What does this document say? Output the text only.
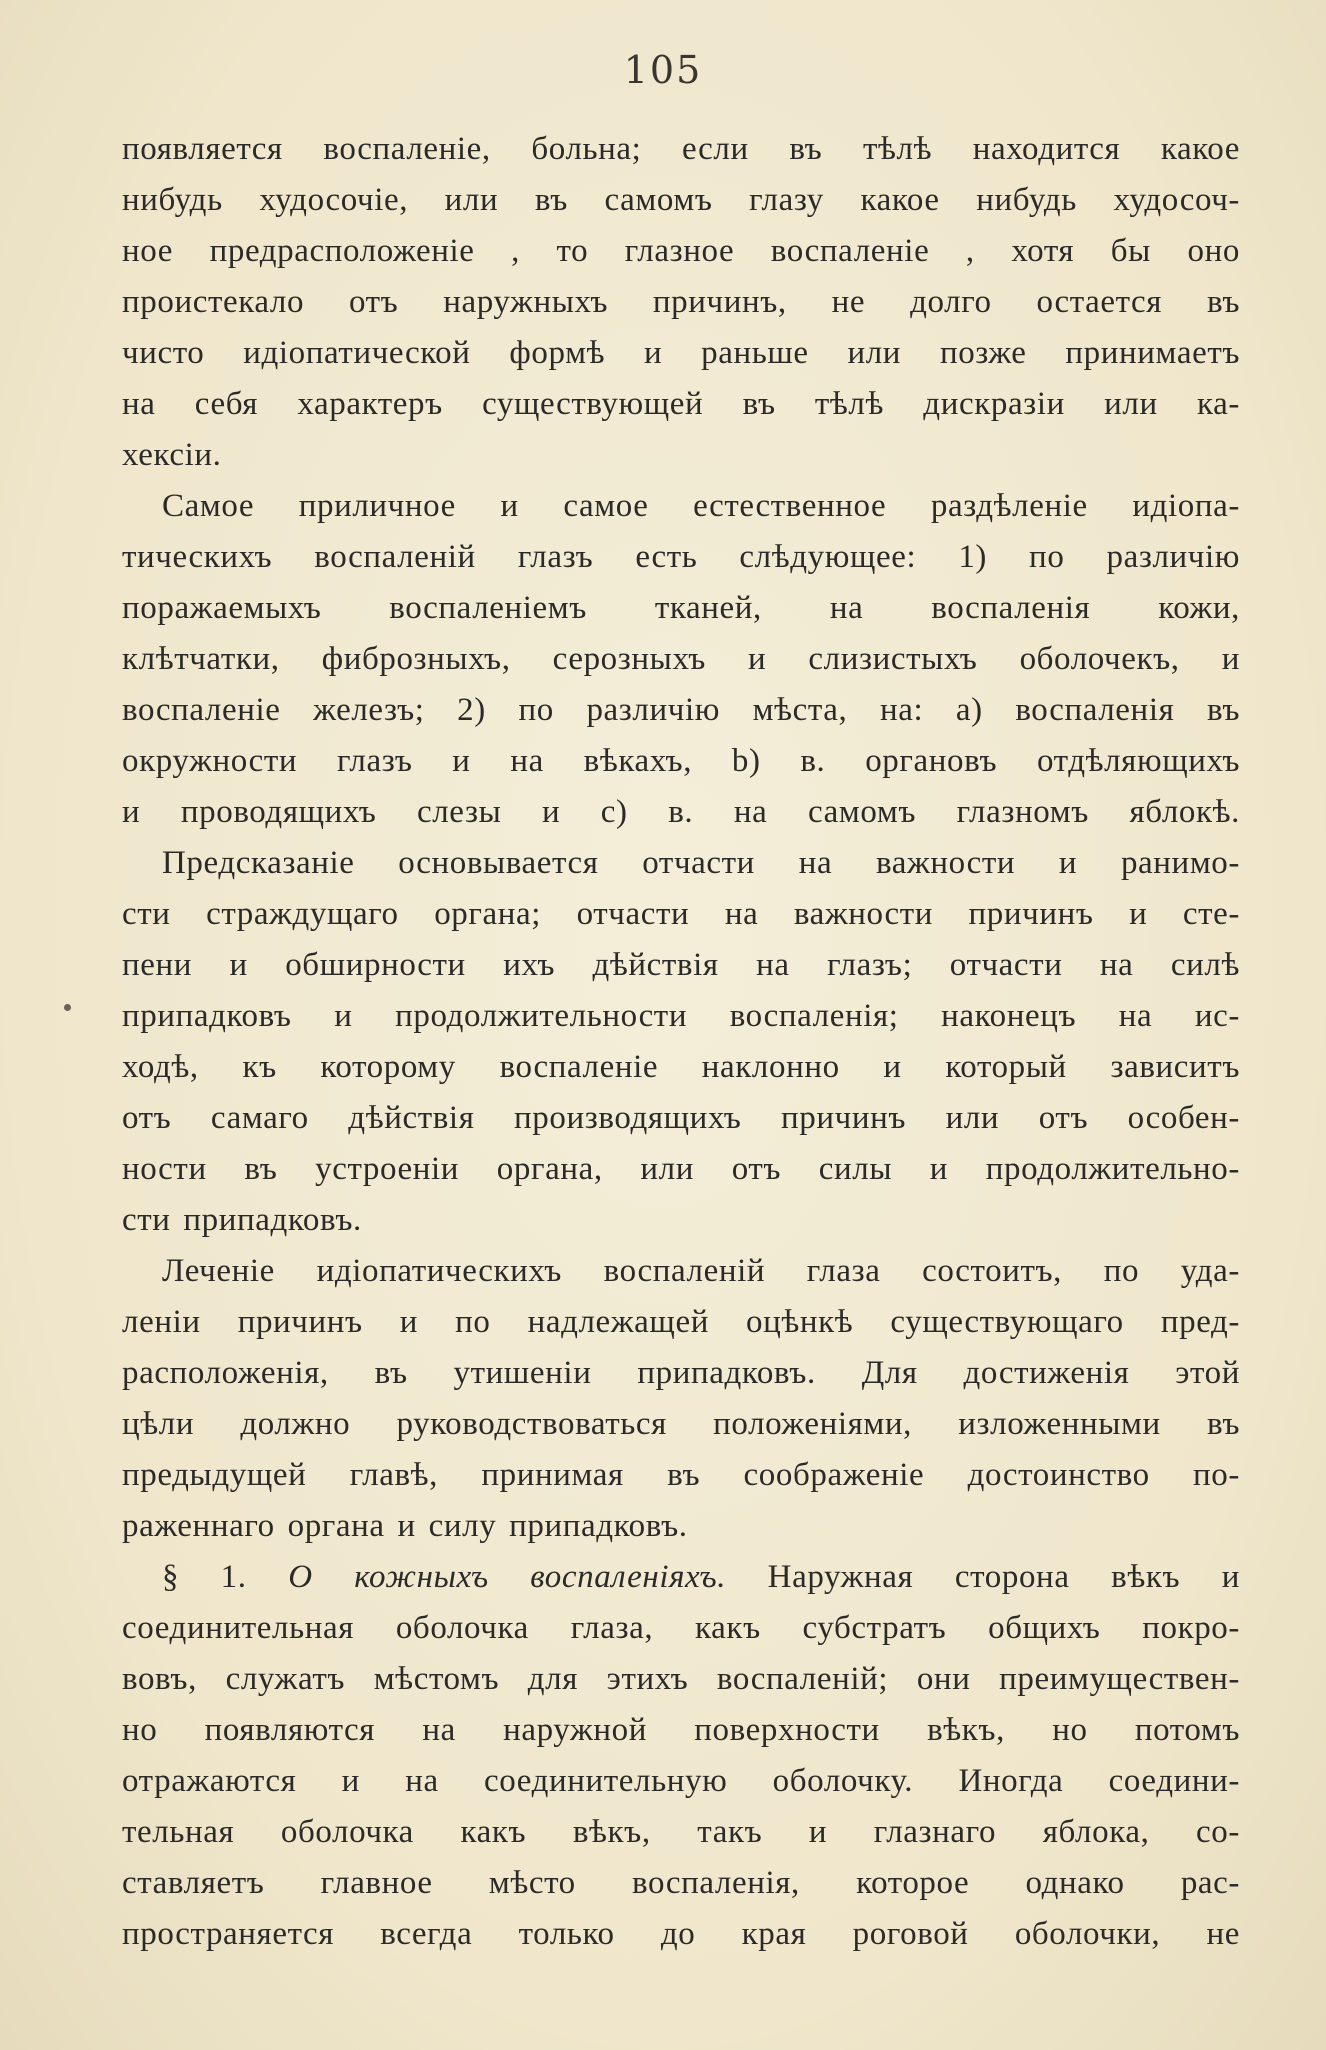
105
появляется воспаленіе, больна; если въ тѣлѣ находится какое
нибудь худосочіе, или въ самомъ глазу какое нибудь худосоч-
ное предрасположеніе , то глазное воспаленіе , хотя бы оно
проистекало отъ наружныхъ причинъ, не долго остается въ
чисто идіопатической формѣ и раньше или позже принимаетъ
на себя характеръ существующей въ тѣлѣ дискразіи или ка-
хексіи.
Самое приличное и самое естественное раздѣленіе идіопа-
тическихъ воспаленій глазъ есть слѣдующее: 1) по различію
поражаемыхъ воспаленіемъ тканей, на воспаленія кожи,
клѣтчатки, фиброзныхъ, серозныхъ и слизистыхъ оболочекъ, и
воспаленіе железъ; 2) по различію мѣста, на: a) воспаленія въ
окружности глазъ и на вѣкахъ, b) в. органовъ отдѣляющихъ
и проводящихъ слезы и c) в. на самомъ глазномъ яблокѣ.
Предсказаніе основывается отчасти на важности и ранимо-
сти страждущаго органа; отчасти на важности причинъ и сте-
пени и обширности ихъ дѣйствія на глазъ; отчасти на силѣ
припадковъ и продолжительности воспаленія; наконецъ на ис-
ходѣ, къ которому воспаленіе наклонно и который зависитъ
отъ самаго дѣйствія производящихъ причинъ или отъ особен-
ности въ устроеніи органа, или отъ силы и продолжительно-
сти припадковъ.
Леченіе идіопатическихъ воспаленій глаза состоитъ, по уда-
леніи причинъ и по надлежащей оцѣнкѣ существующаго пред-
расположенія, въ утишеніи припадковъ. Для достиженія этой
цѣли должно руководствоваться положеніями, изложенными въ
предыдущей главѣ, принимая въ соображеніе достоинство по-
раженнаго органа и силу припадковъ.
§ 1. О кожныхъ воспаленіяхъ. Наружная сторона вѣкъ и
соединительная оболочка глаза, какъ субстратъ общихъ покро-
вовъ, служатъ мѣстомъ для этихъ воспаленій; они преимуществен-
но появляются на наружной поверхности вѣкъ, но потомъ
отражаются и на соединительную оболочку. Иногда соедини-
тельная оболочка какъ вѣкъ, такъ и глазнаго яблока, со-
ставляетъ главное мѣсто воспаленія, которое однако рас-
пространяется всегда только до края роговой оболочки, не
